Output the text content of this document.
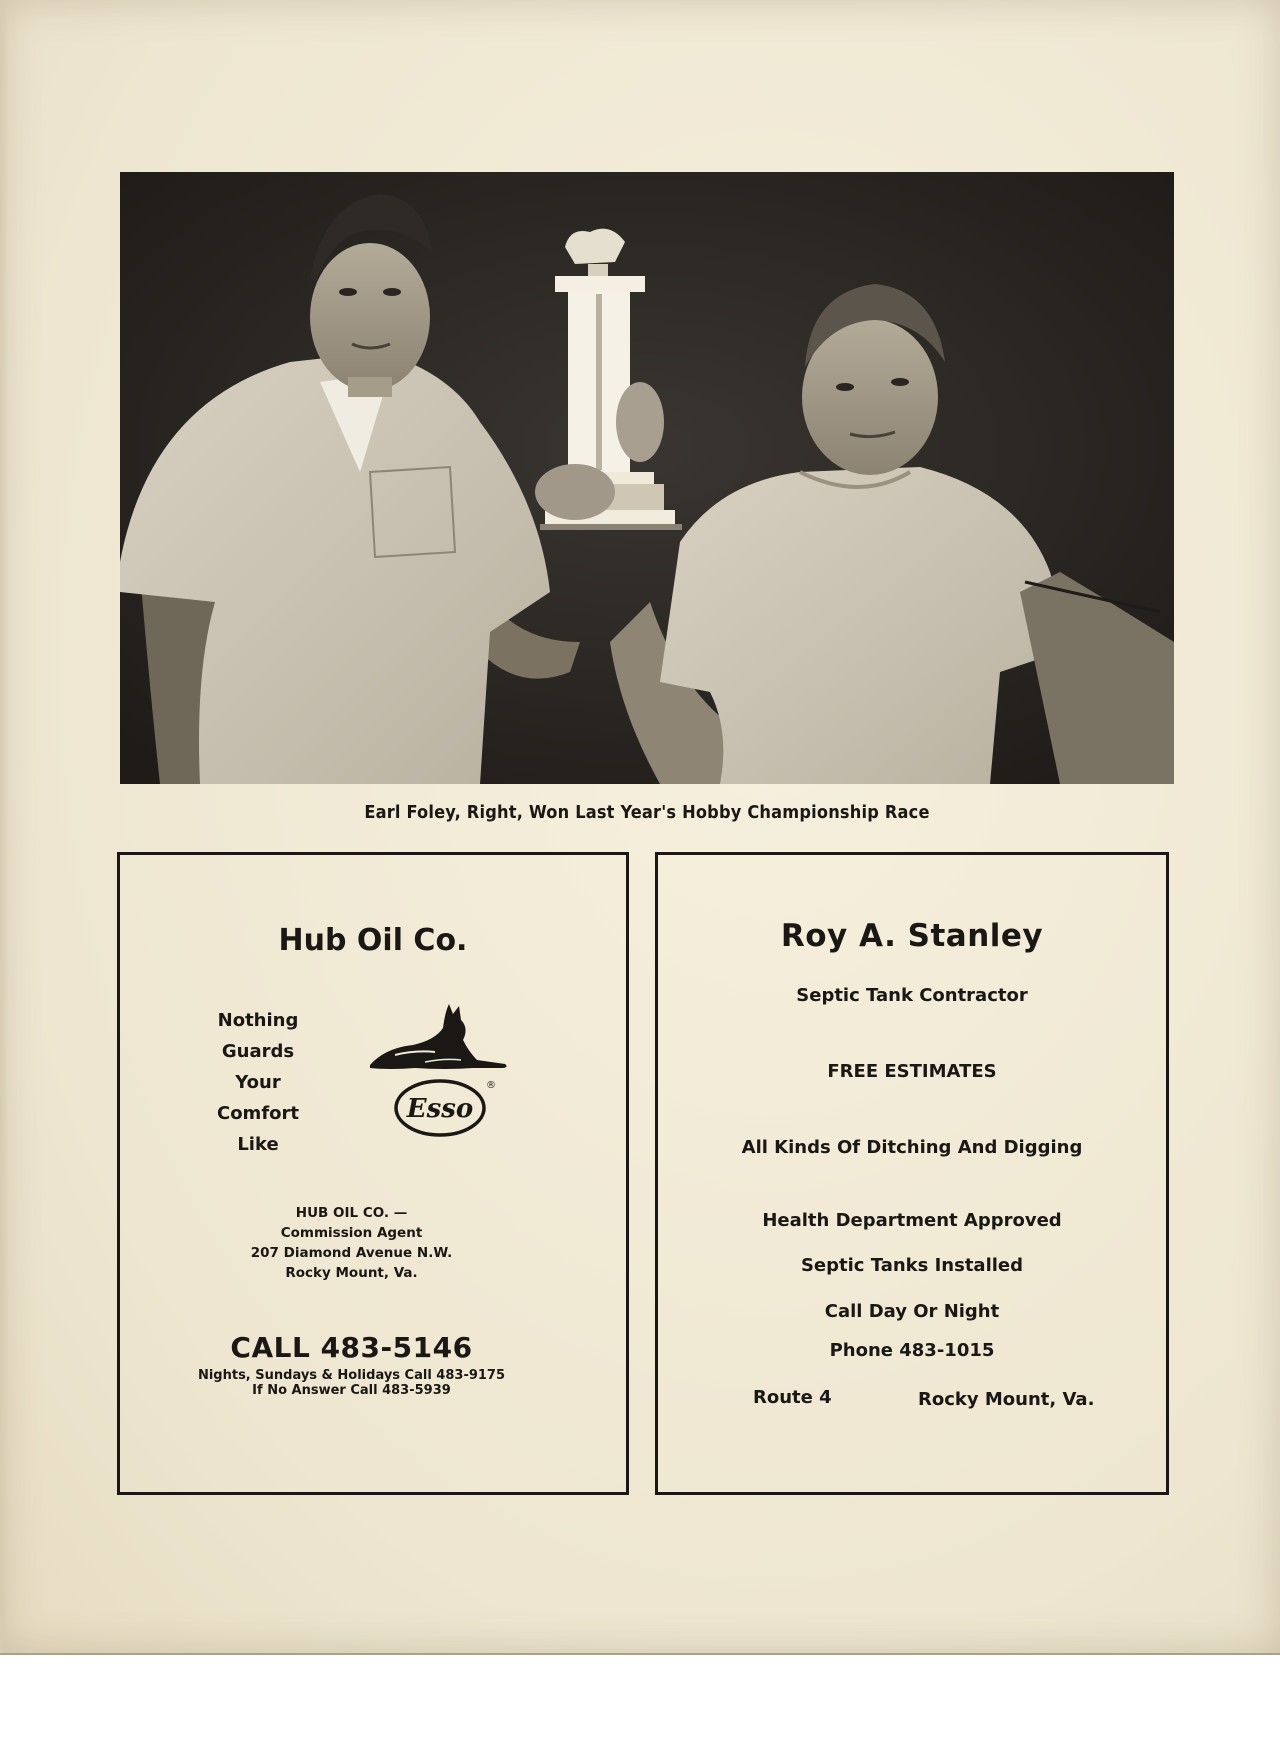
Earl Foley, Right, Won Last Year's Hobby Championship Race
Hub Oil Co.
Nothing
Guards Your
Comfort
Like
Esso
®
HUB OIL CO. —
Commission Agent
207 Diamond Avenue N.W.
Rocky Mount, Va.
CALL 483-5146
Nights, Sundays & Holidays Call 483-9175
If No Answer Call 483-5939
Roy A. Stanley
Septic Tank Contractor
FREE ESTIMATES
All Kinds Of Ditching And Digging
Health Department Approved
Septic Tanks Installed
Call Day Or Night
Phone 483-1015
Route 4	Rocky Mount, Va.
